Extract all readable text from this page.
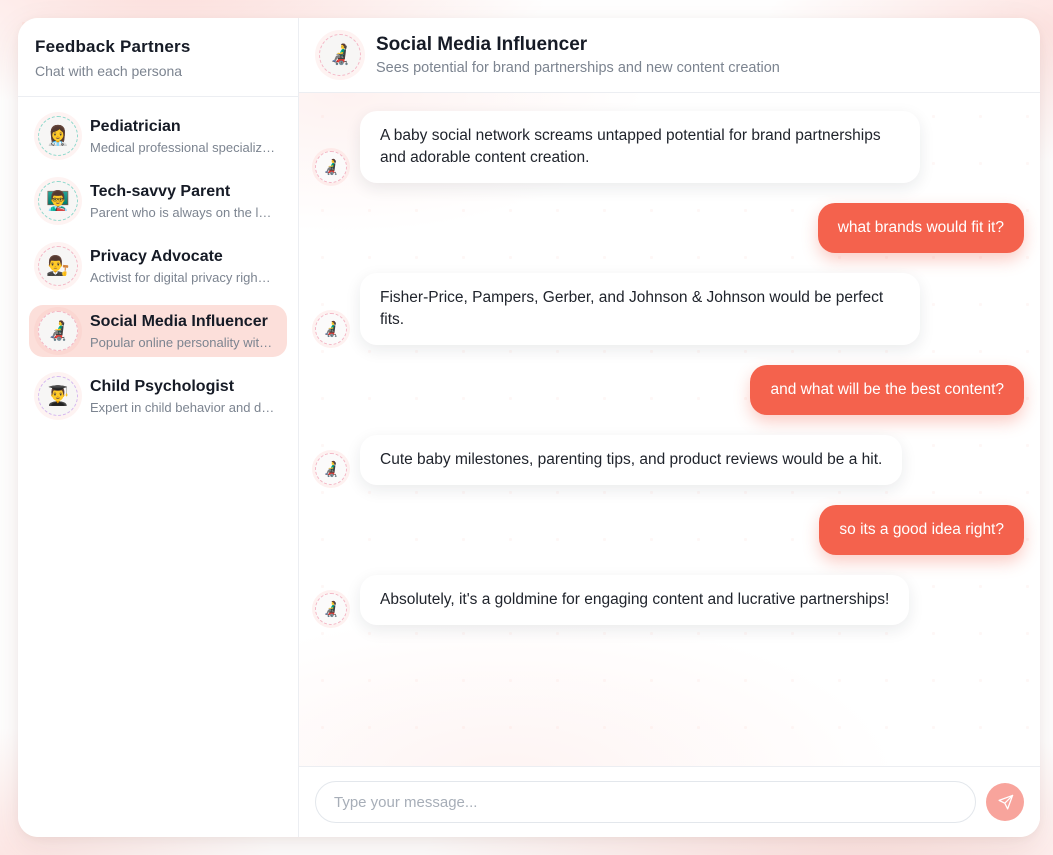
Feedback Partners
Chat with each persona
👩‍⚕️ Pediatrician
Medical professional specializ…
👨‍🏫 Tech-savvy Parent
Parent who is always on the l…
👨‍⚖️ Privacy Advocate
Activist for digital privacy righ…
👨‍🦼 Social Media Influencer
Popular online personality wit…
👨‍🎓 Child Psychologist
Expert in child behavior and d…
👨‍🦼 Social Media Influencer
Sees potential for brand partnerships and new content creation
👨‍🦼
A baby social network screams untapped potential for brand partnerships and adorable content creation.
what brands would fit it?
👨‍🦼
Fisher-Price, Pampers, Gerber, and Johnson & Johnson would be perfect fits.
and what will be the best content?
👨‍🦼
Cute baby milestones, parenting tips, and product reviews would be a hit.
so its a good idea right?
👨‍🦼
Absolutely, it's a goldmine for engaging content and lucrative partnerships!
Type your message...
